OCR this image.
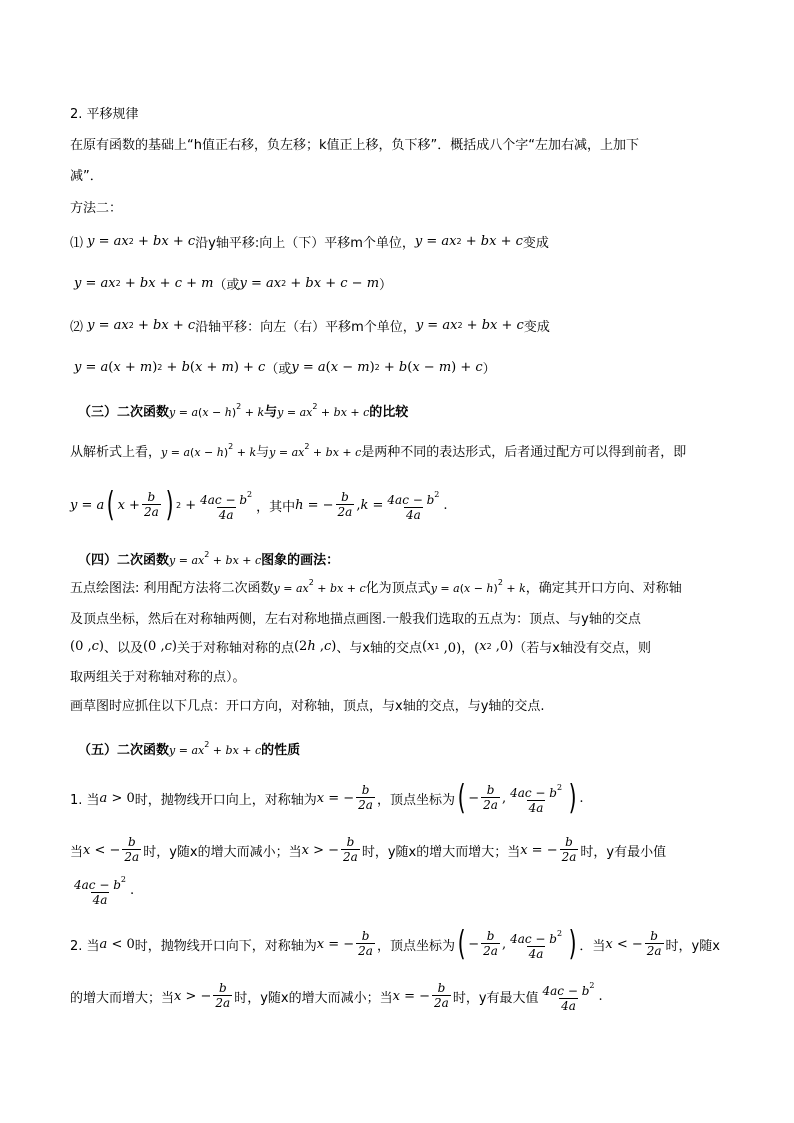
2. 平移规律
在原有函数的基础上“h值正右移，负左移；k值正上移，负下移”．概括成八个字“左加右减，上加下
减”．
方法二：
⑴ y = ax 2 + bx + c 沿y轴平移:向上（下）平移m个单位， y = ax 2 + bx + c 变成
y = ax 2 + bx + c + m （或 y = ax 2 + bx + c − m ）
⑵ y = ax 2 + bx + c 沿轴平移：向左（右）平移m个单位， y = ax 2 + bx + c 变成
y = a ( x + m ) 2 + b ( x + m ) + c （或 y = a ( x − m ) 2 + b ( x − m ) + c ）
（三）二次函数 $y = a(x - h)^2 + k$ 与 $y = ax^2$ + bx + c 的比较
从解析式上看， $y = a(x - h)^2 + k$ 与 $y = ax^2$ + bx + c 是两种不同的表达形式，后者通过配方可以得到前者，即
y = a ( $x + \frac{b}{2a}$ ) $2 + \frac{4ac - b^2}{4a}$ ，其中 h = − $\frac{b}{2a}$ , $k = \frac{4ac - b^2}{4a}$ .
（四）二次函数 $y = ax^2$ + bx + c 图象的画法：
五点绘图法: 利用配方法将二次函数 $y = ax^2$ + bx + c 化为顶点式 $y = a(x - h)^2 + k$ ，确定其开口方向、对称轴
及顶点坐标，然后在对称轴两侧，左右对称地描点画图.一般我们选取的五点为：顶点、与y轴的交点
(0 , c ) 、以及 (0 , c ) 关于对称轴对称的点 (2 h , c ) 、与x轴的交点 ( x 1 ,0)，( x 2 ,0) （若与x轴没有交点，则
取两组关于对称轴对称的点）。
画草图时应抓住以下几点：开口方向，对称轴，顶点，与x轴的交点，与y轴的交点.
（五）二次函数 $y = ax^2$ + bx + c 的性质
1. 当 a > 0 时，抛物线开口向上，对称轴为 x = − $\frac{b}{2a}$ ，顶点坐标为 ( − $\frac{b}{2a}$ , $\frac{4ac - b^2}{4a}$ ) .
当 x < − $\frac{b}{2a}$ 时，y随x的增大而减小；当 x > − $\frac{b}{2a}$ 时，y随x的增大而增大；当 x = − $\frac{b}{2a}$ 时，y有最小值
$\frac{4ac - b^2}{4a}$ .
2. 当 a < 0 时，抛物线开口向下，对称轴为 x = − $\frac{b}{2a}$ ，顶点坐标为 ( − $\frac{b}{2a}$ , $\frac{4ac - b^2}{4a}$ ) ．当 x < − $\frac{b}{2a}$ 时，y随x
的增大而增大；当 x > − $\frac{b}{2a}$ 时，y随x的增大而减小；当 x = − $\frac{b}{2a}$ 时，y有最大值 $\frac{4ac - b^2}{4a}$ .
